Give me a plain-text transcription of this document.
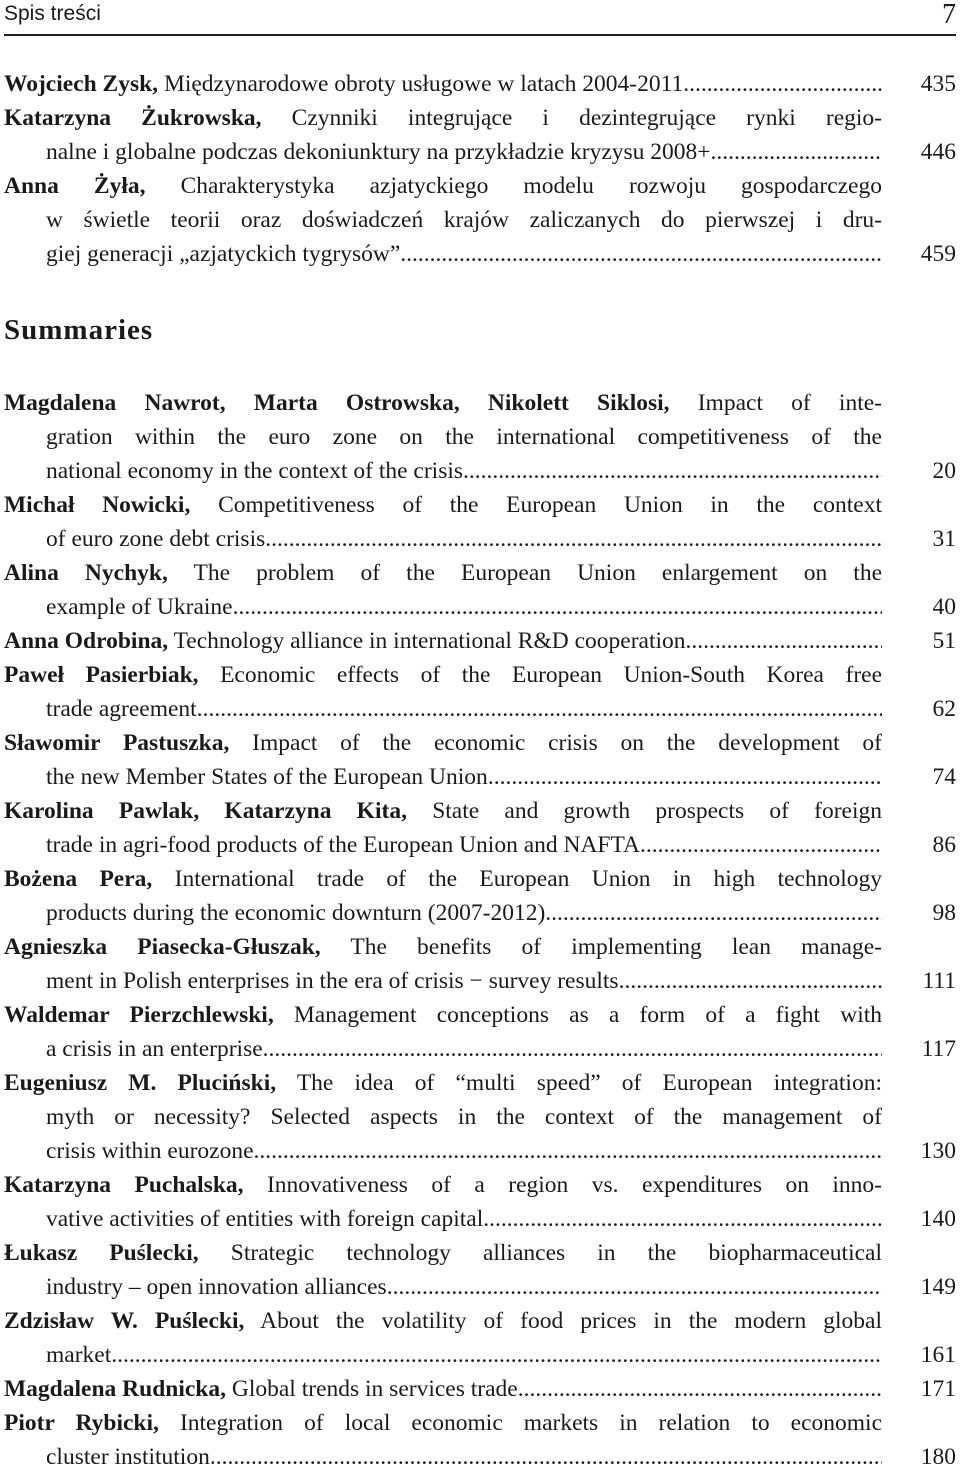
Spis treści	7
Wojciech Zysk, Międzynarodowe obroty usługowe w latach 2004-2011 .....	435
Katarzyna Żukrowska, Czynniki integrujące i dezintegrujące rynki regio-
nalne i globalne podczas dekoniunktury na przykładzie kryzysu 2008+ .....	446
Anna Żyła, Charakterystyka azjatyckiego modelu rozwoju gospodarczego
w świetle teorii oraz doświadczeń krajów zaliczanych do pierwszej i dru-
giej generacji „azjatyckich tygrysów” .....	459
Summaries
Magdalena Nawrot, Marta Ostrowska, Nikolett Siklosi, Impact of inte-
gration within the euro zone on the international competitiveness of the
national economy in the context of the crisis .....	20
Michał Nowicki, Competitiveness of the European Union in the context
of euro zone debt crisis .....	31
Alina Nychyk, The problem of the European Union enlargement on the
example of Ukraine .....	40
Anna Odrobina, Technology alliance in international R&D cooperation .....	51
Paweł Pasierbiak, Economic effects of the European Union-South Korea free
trade agreement .....	62
Sławomir Pastuszka, Impact of the economic crisis on the development of
the new Member States of the European Union .....	74
Karolina Pawlak, Katarzyna Kita, State and growth prospects of foreign
trade in agri-food products of the European Union and NAFTA .....	86
Bożena Pera, International trade of the European Union in high technology
products during the economic downturn (2007-2012) .....	98
Agnieszka Piasecka-Głuszak, The benefits of implementing lean manage-
ment in Polish enterprises in the era of crisis − survey results .....	111
Waldemar Pierzchlewski, Management conceptions as a form of a fight with
a crisis in an enterprise .....	117
Eugeniusz M. Pluciński, The idea of “multi speed” of European integration:
myth or necessity? Selected aspects in the context of the management of
crisis within eurozone .....	130
Katarzyna Puchalska, Innovativeness of a region vs. expenditures on inno-
vative activities of entities with foreign capital .....	140
Łukasz Puślecki, Strategic technology alliances in the biopharmaceutical
industry – open innovation alliances .....	149
Zdzisław W. Puślecki, About the volatility of food prices in the modern global
market .....	161
Magdalena Rudnicka, Global trends in services trade .....	171
Piotr Rybicki, Integration of local economic markets in relation to economic
cluster institution .....	180
